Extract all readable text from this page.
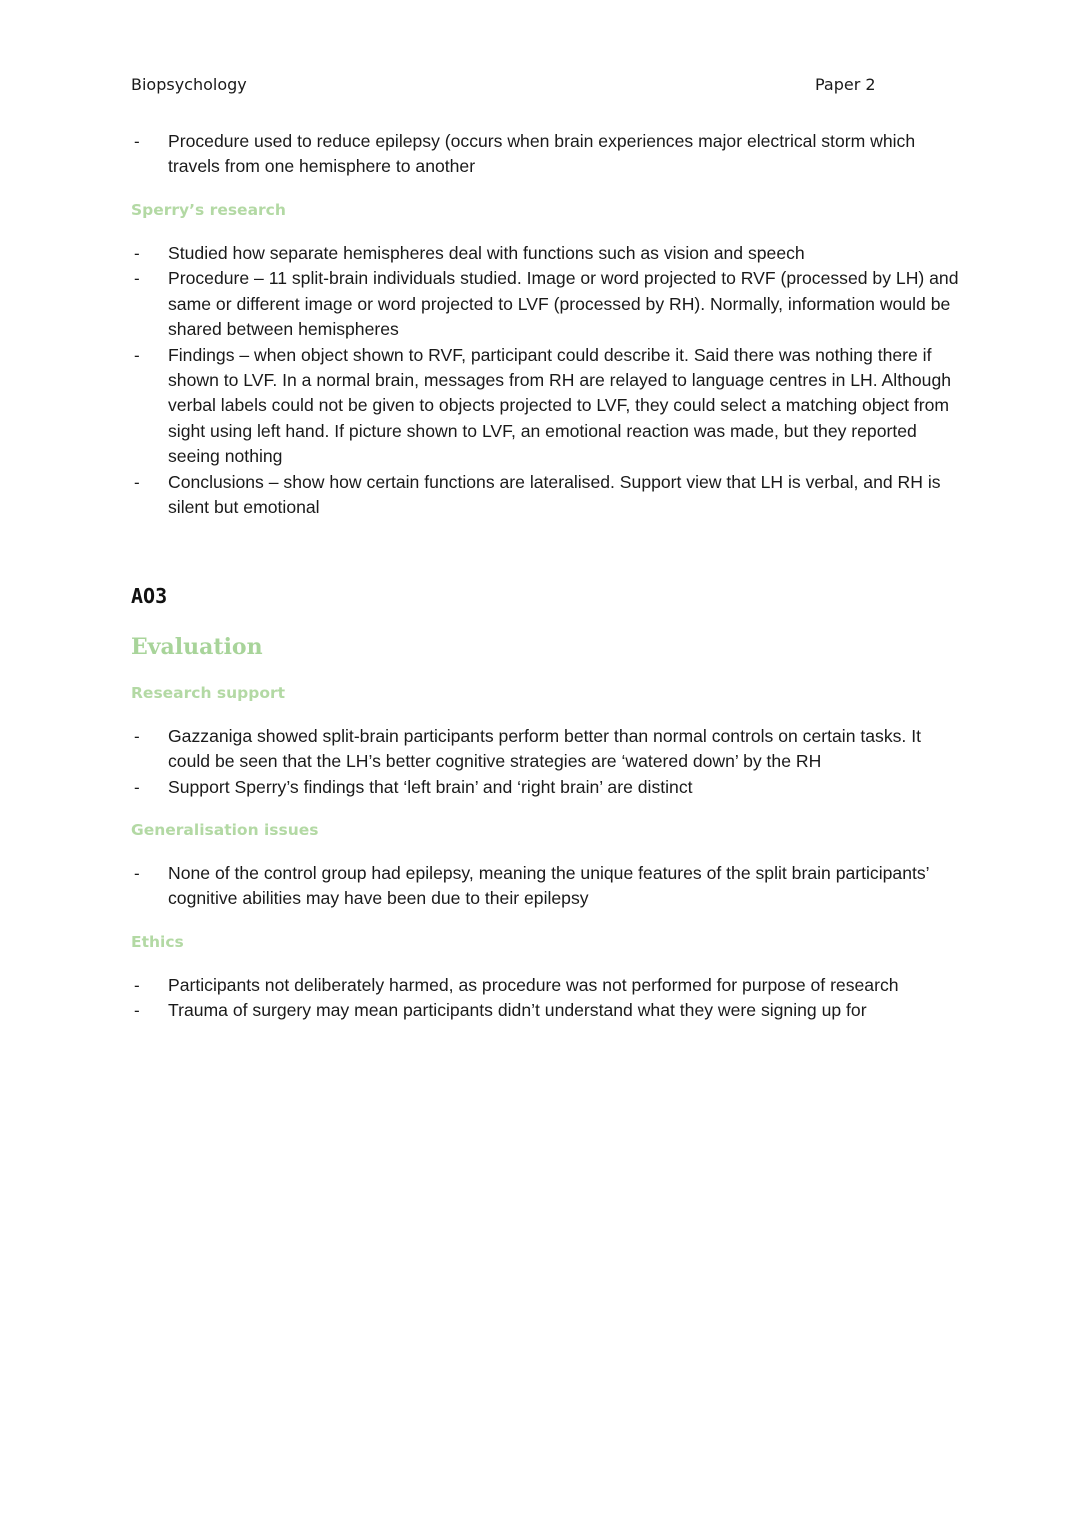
Biopsychology	Paper 2
- Procedure used to reduce epilepsy (occurs when brain experiences major electrical storm which travels from one hemisphere to another
Sperry’s research
- Studied how separate hemispheres deal with functions such as vision and speech
- Procedure – 11 split-brain individuals studied. Image or word projected to RVF (processed by LH) and same or different image or word projected to LVF (processed by RH). Normally, information would be shared between hemispheres
- Findings – when object shown to RVF, participant could describe it. Said there was nothing there if shown to LVF. In a normal brain, messages from RH are relayed to language centres in LH. Although verbal labels could not be given to objects projected to LVF, they could select a matching object from sight using left hand. If picture shown to LVF, an emotional reaction was made, but they reported seeing nothing
- Conclusions – show how certain functions are lateralised. Support view that LH is verbal, and RH is silent but emotional
AO3
Evaluation
Research support
- Gazzaniga showed split-brain participants perform better than normal controls on certain tasks. It could be seen that the LH’s better cognitive strategies are ‘watered down’ by the RH
- Support Sperry’s findings that ‘left brain’ and ‘right brain’ are distinct
Generalisation issues
- None of the control group had epilepsy, meaning the unique features of the split brain participants’ cognitive abilities may have been due to their epilepsy
Ethics
- Participants not deliberately harmed, as procedure was not performed for purpose of research
- Trauma of surgery may mean participants didn’t understand what they were signing up for
